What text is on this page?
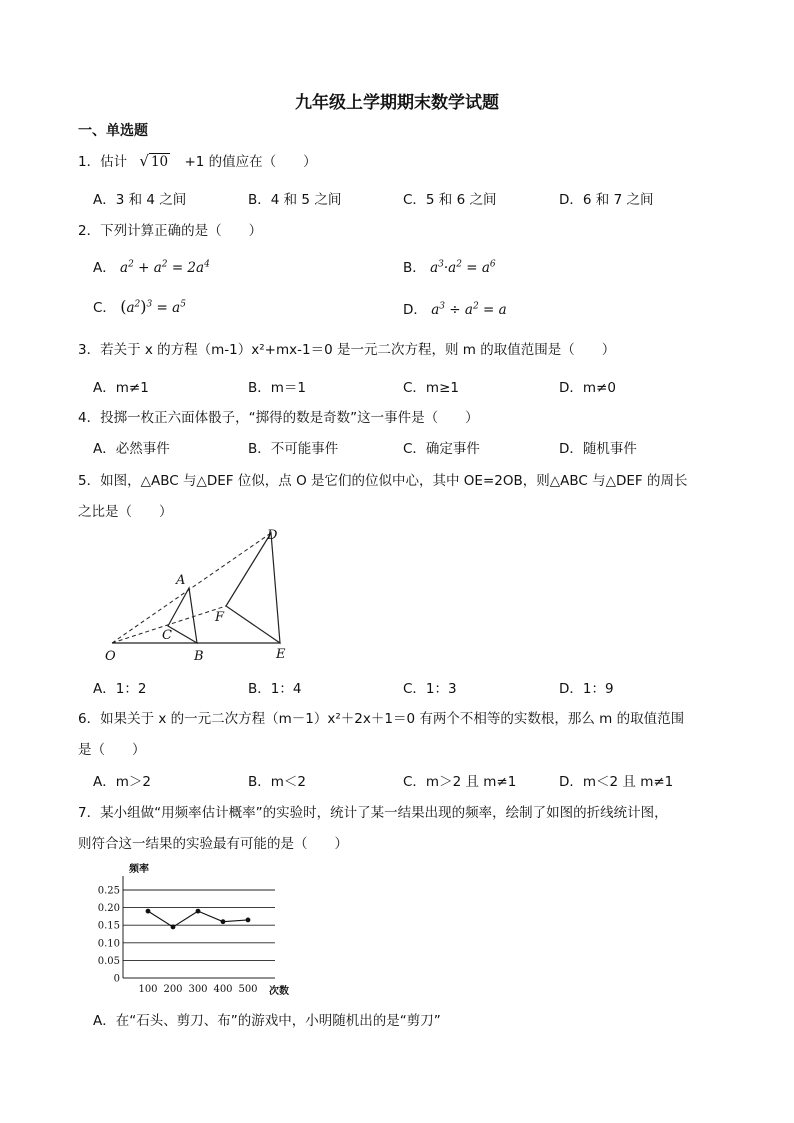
九年级上学期期末数学试题
一、单选题
1．估计 √ 10 +1 的值应在（　　）
A．3 和 4 之间	B．4 和 5 之间	C．5 和 6 之间	D．6 和 7 之间
2．下列计算正确的是（　　）
A． $a^2 + a^2 = 2a^4$	B． $a^3\cdot a^2 = a^6$
C． $(a^2)^3 = a^5$	D． $a^3 \div a^2 = a$
3．若关于 x 的方程（m-1）x²+mx-1＝0 是一元二次方程，则 m 的取值范围是（　　）
A．m≠1	B．m＝1	C．m≥1	D．m≠0
4．投掷一枚正六面体骰子，“掷得的数是奇数”这一事件是（　　）
A．必然事件	B．不可能事件	C．确定事件	D．随机事件
5．如图，△ABC 与△DEF 位似，点 O 是它们的位似中心，其中 OE=2OB，则△ABC 与△DEF 的周长
之比是（　　）
O
A
B
C
D
E
F
A．1：2	B．1：4	C．1：3	D．1：9
6．如果关于 x 的一元二次方程（m－1）x²＋2x＋1＝0 有两个不相等的实数根，那么 m 的取值范围
是（　　）
A．m＞2	B．m＜2	C．m＞2 且 m≠1	D．m＜2 且 m≠1
7．某小组做“用频率估计概率”的实验时，统计了某一结果出现的频率，绘制了如图的折线统计图，
则符合这一结果的实验最有可能的是（　　）
0
0.05
0.10
0.15
0.20
0.25
100 200 300 400 500
频率
次数
A．在“石头、剪刀、布”的游戏中，小明随机出的是“剪刀”
